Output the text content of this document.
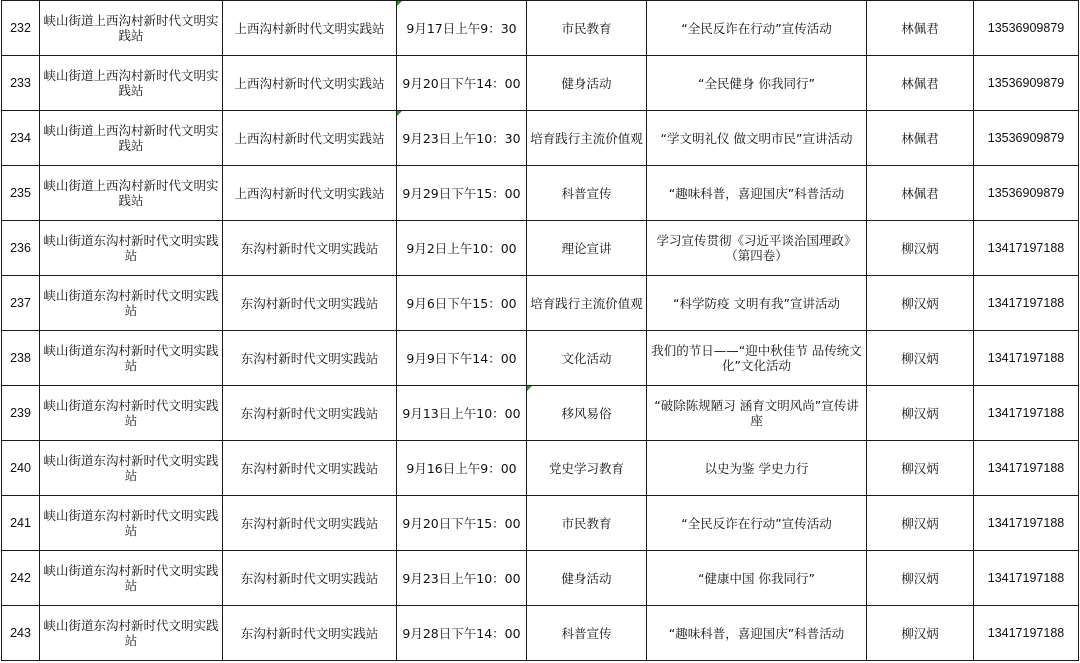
232	峡山街道上西沟村新时代文明实践站	上西沟村新时代文明实践站	9月17日上午9：30	市民教育	“全民反诈在行动”宣传活动	林佩君	13536909879
233	峡山街道上西沟村新时代文明实践站	上西沟村新时代文明实践站	9月20日下午14：00	健身活动	“全民健身 你我同行”	林佩君	13536909879
234	峡山街道上西沟村新时代文明实践站	上西沟村新时代文明实践站	9月23日上午10：30	培育践行主流价值观	“学文明礼仪 做文明市民”宣讲活动	林佩君	13536909879
235	峡山街道上西沟村新时代文明实践站	上西沟村新时代文明实践站	9月29日下午15：00	科普宣传	“趣味科普，喜迎国庆”科普活动	林佩君	13536909879
236	峡山街道东沟村新时代文明实践站	东沟村新时代文明实践站	9月2日上午10：00	理论宣讲	学习宣传贯彻《习近平谈治国理政》（第四卷）	柳汉炳	13417197188
237	峡山街道东沟村新时代文明实践站	东沟村新时代文明实践站	9月6日下午15：00	培育践行主流价值观	“科学防疫 文明有我”宣讲活动	柳汉炳	13417197188
238	峡山街道东沟村新时代文明实践站	东沟村新时代文明实践站	9月9日下午14：00	文化活动	我们的节日——“迎中秋佳节 品传统文化”文化活动	柳汉炳	13417197188
239	峡山街道东沟村新时代文明实践站	东沟村新时代文明实践站	9月13日上午10：00	移风易俗	“破除陈规陋习 涵育文明风尚”宣传讲座	柳汉炳	13417197188
240	峡山街道东沟村新时代文明实践站	东沟村新时代文明实践站	9月16日上午9：00	党史学习教育	以史为鉴 学史力行	柳汉炳	13417197188
241	峡山街道东沟村新时代文明实践站	东沟村新时代文明实践站	9月20日下午15：00	市民教育	“全民反诈在行动”宣传活动	柳汉炳	13417197188
242	峡山街道东沟村新时代文明实践站	东沟村新时代文明实践站	9月23日上午10：00	健身活动	“健康中国 你我同行”	柳汉炳	13417197188
243	峡山街道东沟村新时代文明实践站	东沟村新时代文明实践站	9月28日下午14：00	科普宣传	“趣味科普，喜迎国庆”科普活动	柳汉炳	13417197188
